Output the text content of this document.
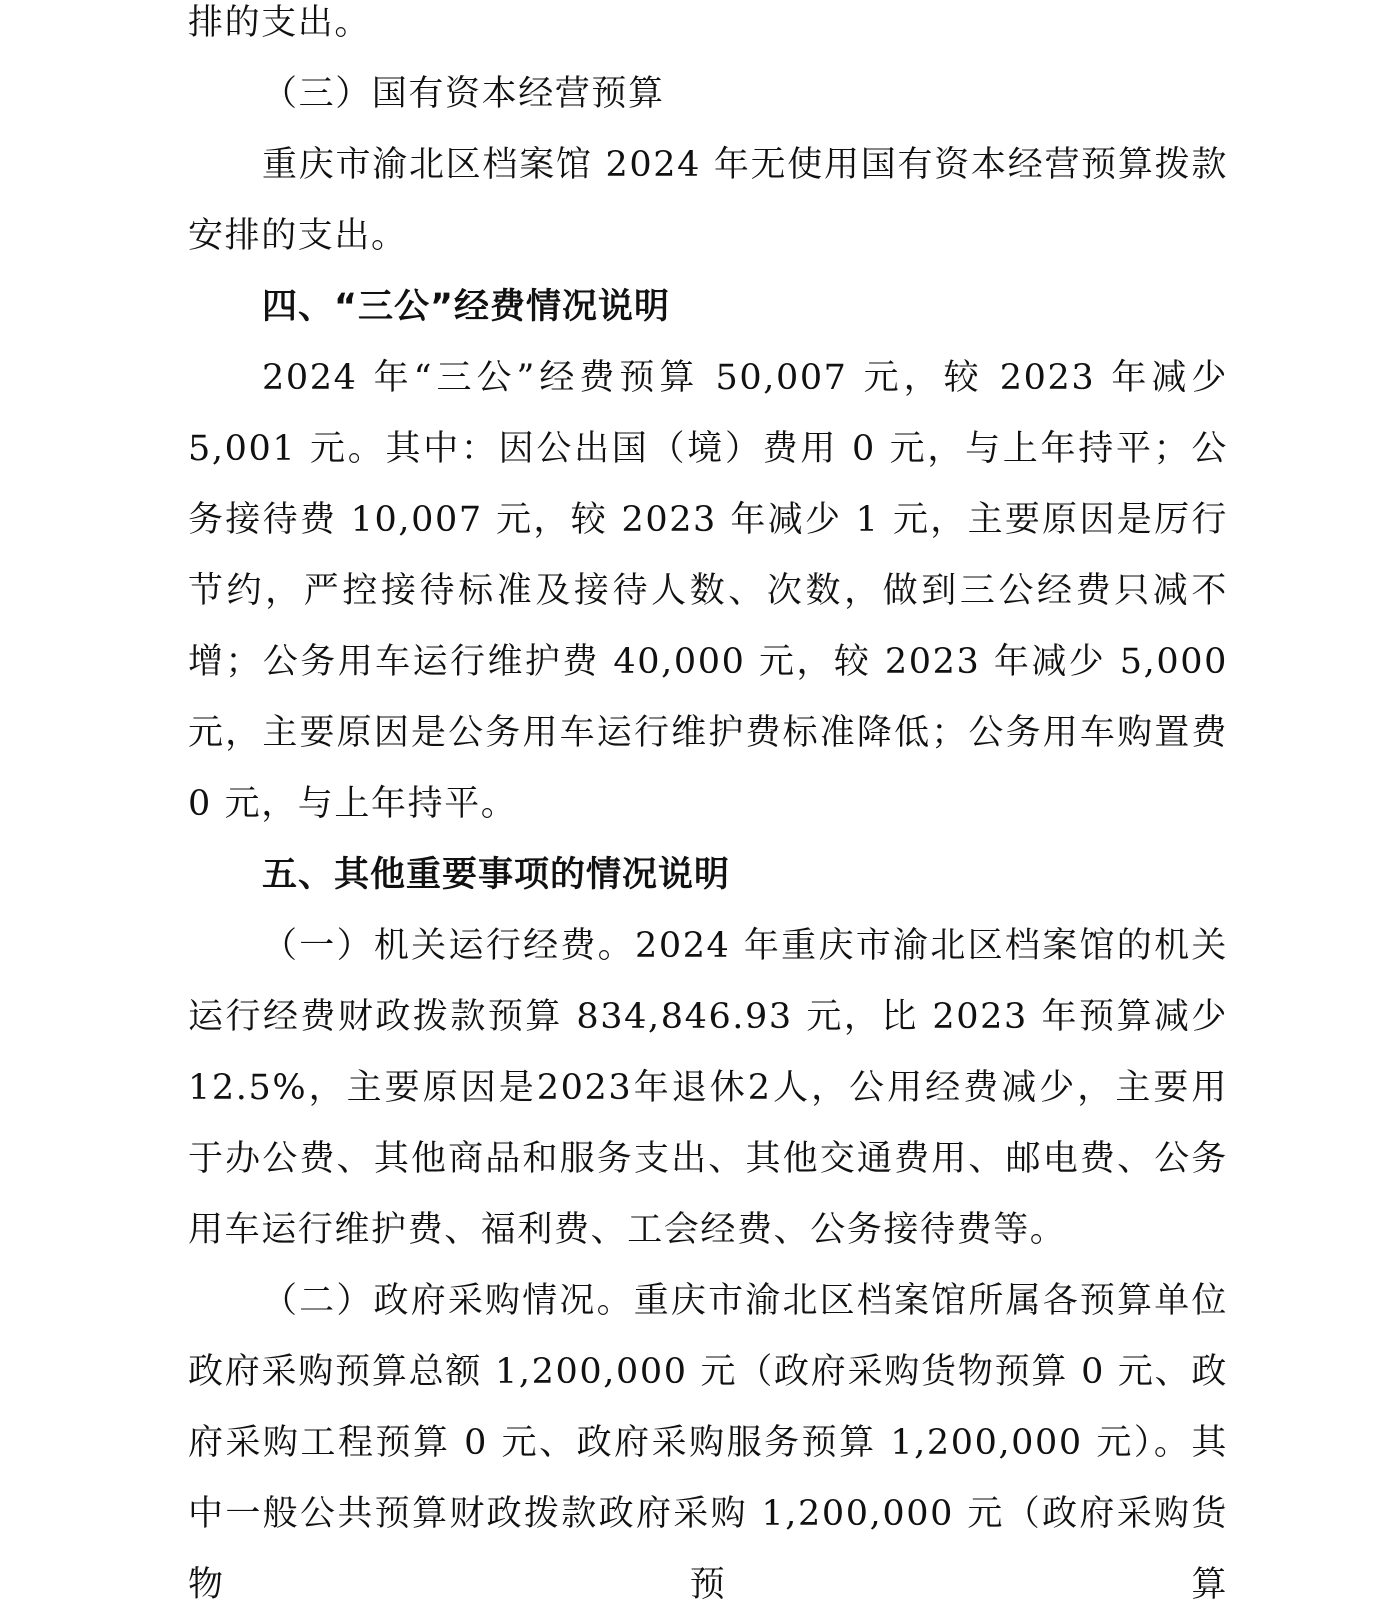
排的支出。

（三）国有资本经营预算

重庆市渝北区档案馆 2024 年无使用国有资本经营预算拨款安排的支出。

四、“三公”经费情况说明

2024 年“三公”经费预算 50,007 元，较 2023 年减少 5,001 元。其中：因公出国（境）费用 0 元，与上年持平；公务接待费 10,007 元，较 2023 年减少 1 元，主要原因是厉行节约，严控接待标准及接待人数、次数，做到三公经费只减不增；公务用车运行维护费 40,000 元，较 2023 年减少 5,000 元，主要原因是公务用车运行维护费标准降低；公务用车购置费 0 元，与上年持平。

五、其他重要事项的情况说明

（一）机关运行经费。2024 年重庆市渝北区档案馆的机关运行经费财政拨款预算 834,846.93 元，比 2023 年预算减少 12.5%，主要原因是2023年退休2人，公用经费减少，主要用于办公费、其他商品和服务支出、其他交通费用、邮电费、公务用车运行维护费、福利费、工会经费、公务接待费等。

（二）政府采购情况。重庆市渝北区档案馆所属各预算单位政府采购预算总额 1,200,000 元（政府采购货物预算 0 元、政府采购工程预算 0 元、政府采购服务预算 1,200,000 元）。其中一般公共预算财政拨款政府采购 1,200,000 元（政府采购货物预算
